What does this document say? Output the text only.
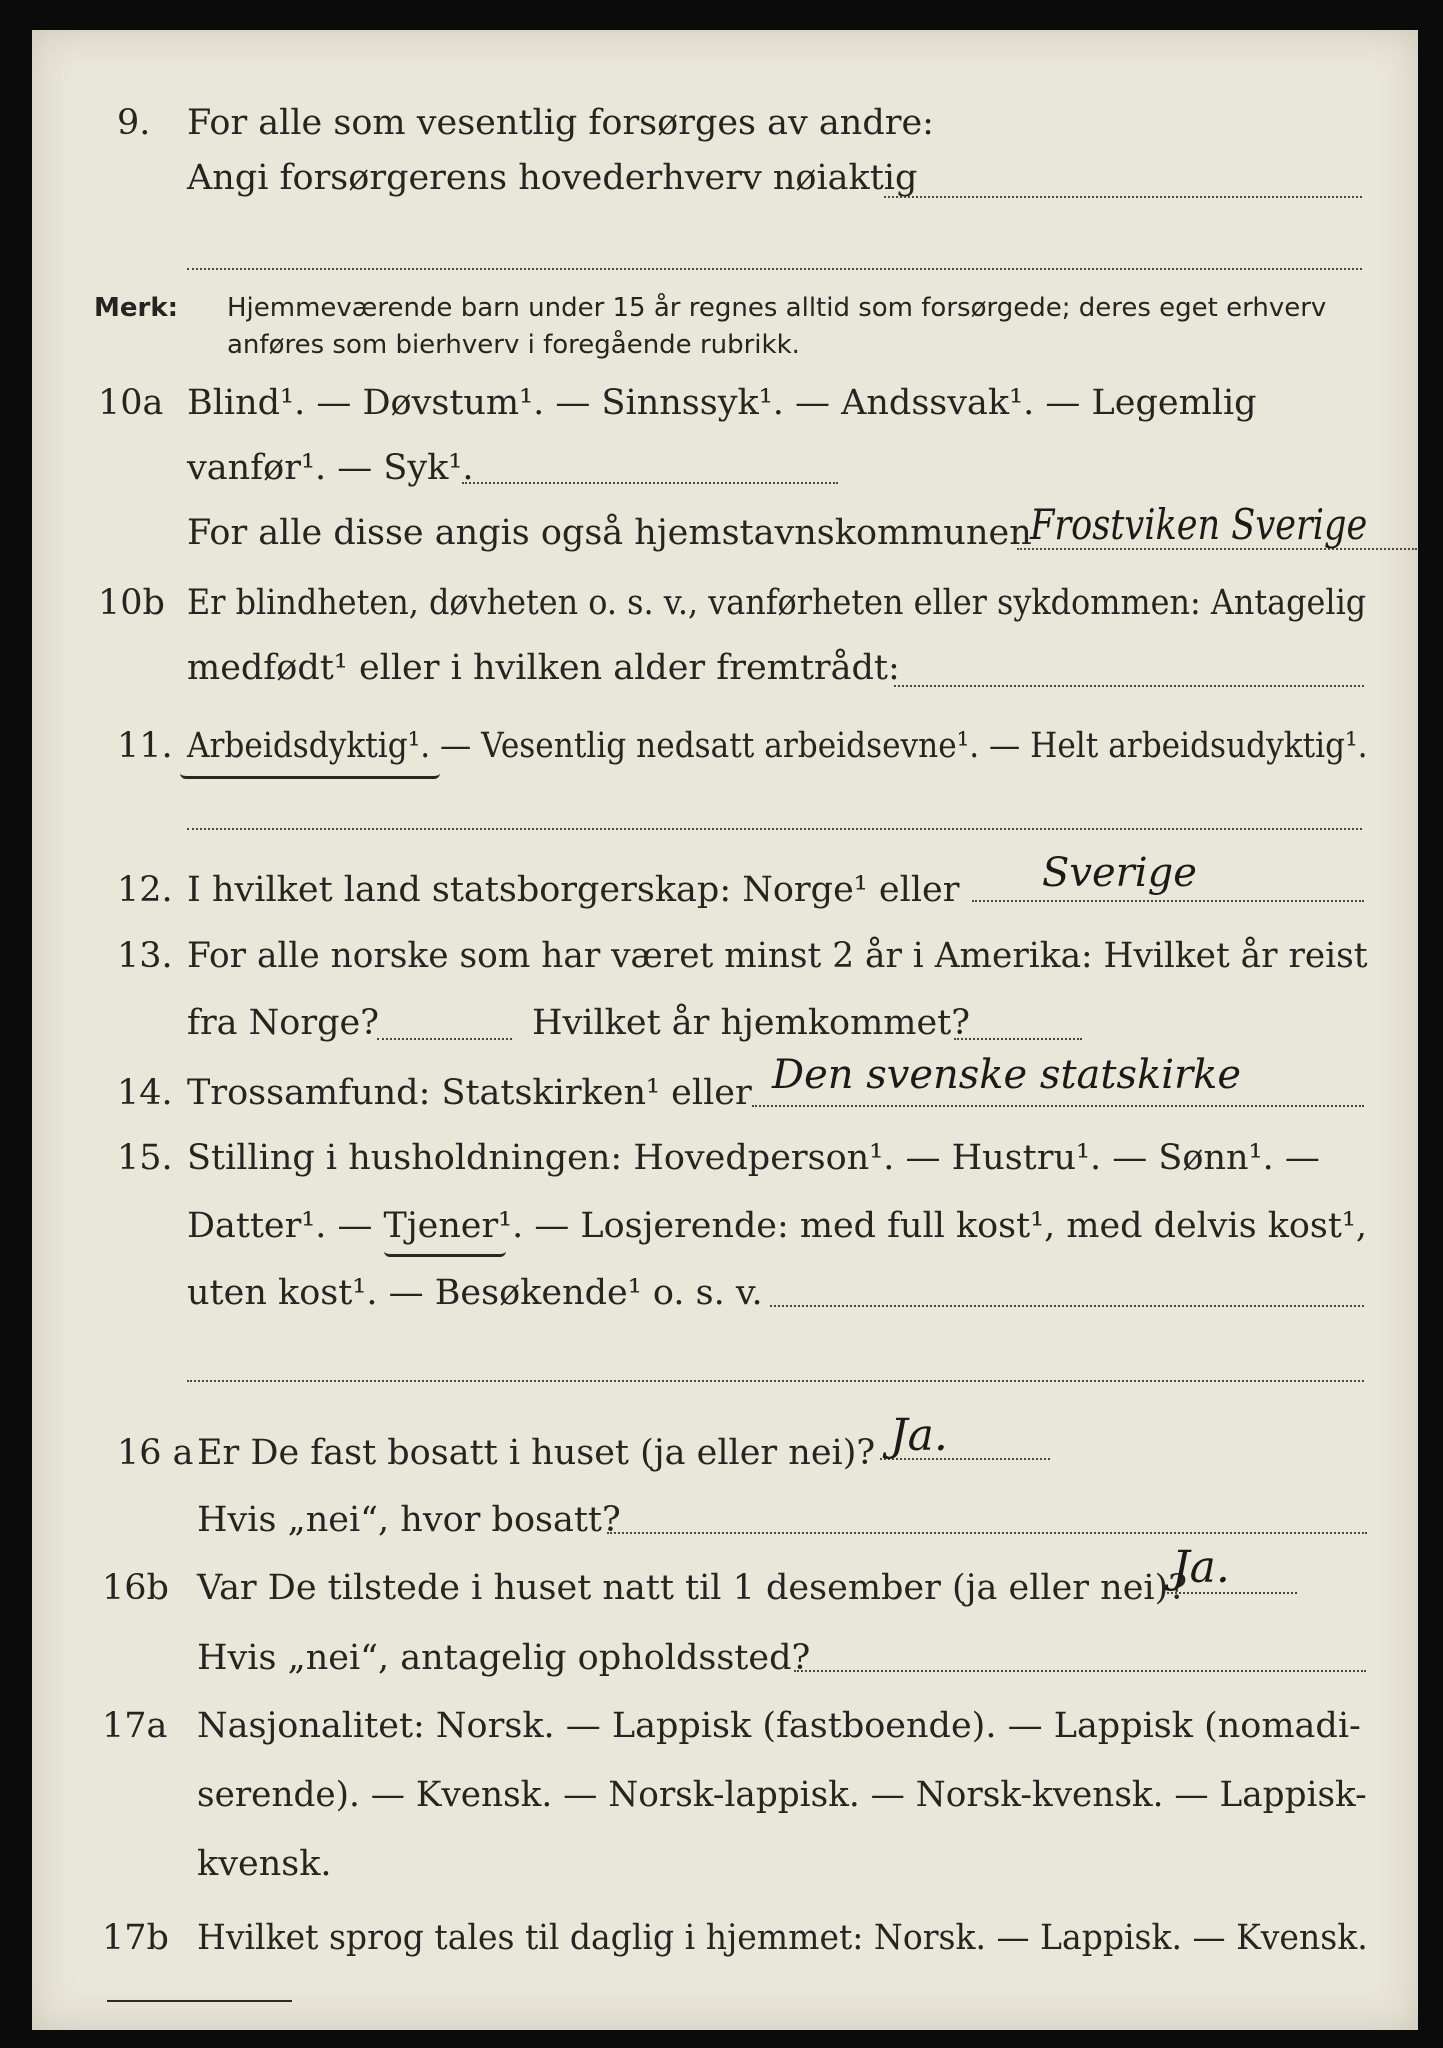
9. For alle som vesentlig forsørges av andre:
Angi forsørgerens hovederhverv nøiaktig
Merk: Hjemmeværende barn under 15 år regnes alltid som forsørgede; deres eget erhverv
anføres som bierhverv i foregående rubrikk.
10a Blind¹. — Døvstum¹. — Sinnssyk¹. — Andssvak¹. — Legemlig
vanfør¹. — Syk¹.
For alle disse angis også hjemstavnskommunen
Frostviken Sverige
10b Er blindheten, døvheten o. s. v., vanførheten eller sykdommen: Antagelig
medfødt¹ eller i hvilken alder fremtrådt:
11. Arbeidsdyktig¹. — Vesentlig nedsatt arbeidsevne¹. — Helt arbeidsudyktig¹.
12. I hvilket land statsborgerskap: Norge¹ eller Sverige
13. For alle norske som har været minst 2 år i Amerika: Hvilket år reist
fra Norge?	Hvilket år hjemkommet?
14. Trossamfund: Statskirken¹ eller Den svenske statskirke
15. Stilling i husholdningen: Hovedperson¹. — Hustru¹. — Sønn¹. —
Datter¹. — Tjener¹. — Losjerende: med full kost¹, med delvis kost¹,
uten kost¹. — Besøkende¹ o. s. v.
16 a Er De fast bosatt i huset (ja eller nei)? Ja.
Hvis „nei“, hvor bosatt?
16b Var De tilstede i huset natt til 1 desember (ja eller nei)?
Ja.
Hvis „nei“, antagelig opholdssted?
17a Nasjonalitet: Norsk. — Lappisk (fastboende). — Lappisk (nomadi-
serende). — Kvensk. — Norsk-lappisk. — Norsk-kvensk. — Lappisk-
kvensk.
17b Hvilket sprog tales til daglig i hjemmet: Norsk. — Lappisk. — Kvensk.
